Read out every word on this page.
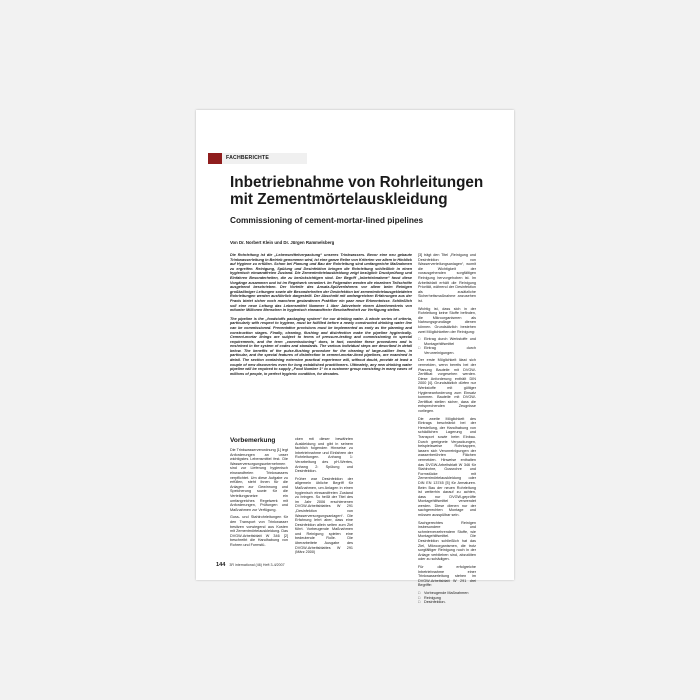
FACHBERICHTE
Inbetriebnahme von Rohrleitungen mit Zementmörtelauskleidung
Commissioning of cement-mortar-lined pipelines
Von Dr. Norbert Klein und Dr. Jürgen Rammelsberg

Die Rohrleitung ist die „Lebensmittelverpackung“ unseres Trinkwassers. Bevor eine neu gebaute Trinkwasserleitung in Betrieb genommen wird, ist eine ganze Reihe von Kriterien vor allem in Hinblick auf Hygiene zu erfüllen. Schon bei Planung und Bau der Rohrleitung sind umfangreiche Maßnahmen zu ergreifen. Reinigung, Spülung und Desinfektion bringen die Rohrleitung schließlich in einen hygienisch einwandfreien Zustand. Die Zementmörtelauskleidung zeigt bezüglich Druckprüfung und Einfahren Besonderheiten, die zu berücksichtigen sind. Der Begriff „Inbetriebnahme“ fasst diese Vorgänge zusammen und ist im Regelwerk verankert. Im Folgenden werden die einzelnen Teilschritte ausgehend beschrieben. Der Vorteile des Ansatz-Spülverfahrens vor allem beim Reinigen großkalibriger Leitungen sowie die Besonderheiten der Desinfektion bei zementmörtelausgekleideten Rohrleitungen werden ausführlich dargestellt. Der Abschnitt mit umfangreichen Erfahrungen aus der Praxis bietet sicher noch manchem gestandenen Praktiker ein paar neue Erkenntnisse. Schließlich soll eine neue Leitung das Lebensmittel Nummer 1 über Jahrzehnte einem Abnehmerkreis von mitunter Millionen Menschen in hygienisch einwandfreier Beschaffenheit zur Verfügung stellen.

The pipeline is the „foodstuffs packaging system“ for our drinking water. A whole series of criteria, particularly with respect to hygiene, must be fulfilled before a newly constructed drinking water line can be commissioned. Preventative provisions must be implemented as early as the planning and construction stages. Finally, cleaning, flushing and disinfection make the pipeline hygienically. Cement-mortar linings are subject to terms of pressure-testing and commissioning to special requirements, and the term „commissioning“ does, in fact, combine these procedures and is enshrined in the system of codes and standards. The various individual steps are described in detail below. The benefits of the pulse-flushing procedure for the cleaning of large-caliber lines, in particular, and the special features of disinfection in cement-mortar-lined pipelines, are examined in detail. The section containing extensive practical experience will, without doubt, provide at least a couple of new discoveries even for long established practitioners. Ultimately, any new drinking water pipeline will be required to supply „Food Number 1“ to a customer group consisting in many cases of millions of people, in perfect hygienic condition, for decades.

Vorbemerkung

Die Trinkwasserverordnung [1] legt Anforderungen an unser wichtigstes Lebensmittel fest. Die Wasserversorgungsunternehmen sind zur Lieferung hygienisch einwandfreien Trinkwassers verpflichtet. Um diese Aufgabe zu erfüllen, steht ihnen für die Anlagen zur Gewinnung und Speicherung sowie für die Verteilungsnetze ein umfangreiches Regelwerk mit Anforderungen, Prüfungen und Maßnahmen zur Verfügung.

Guss- und Stahlrohrleitungen für den Transport von Trinkwasser besitzen vorwiegend aus Kosten mit Zementmörtelauskleidung. Das DVGW-Arbeitsblatt W 346 [2] beschreibt die Handhabung von Rohren und Formstü-

cken mit dieser bewährten Auskleidung und gibt in seinem fachlich folgenden Hinweise zu Inbetriebnahme und Einfahren der Rohrleitungen. Anhang 1: Verarbeitung des pH-Wertes, Anhang 2: Spülung und Desinfektion.

Früher war Desinfektion der allgemein übliche Begriff für Maßnahmen, um Anlagen in einen hygienisch einwandfreien Zustand zu bringen. So heißt der Titel des im Jahr 2006 erschienenen DVGW-Arbeitsblattes W 291 „Desinfektion von Wasserversorgungsanlagen“. Die Erfahrung lehrt aber, dass eine Desinfektion allein selten zum Ziel führt. Vorbeugende Maßnahmen und Reinigung spielen eine bedeutende Rolle. Die überarbeitete Ausgabe des DVGW-Arbeitsblattes W 291 (März 2000)

[3] trägt den Titel „Reinigung und Desinfektion von Wasserverteilungsanlagen“, womit die Wichtigkeit der vorausgehenden sorgfältigen Reinigung hervorgehoben ist. Im Arbeitsblatt erhält die Reinigung Priorität, während der Desinfektion als zusätzliche Sicherheitsmaßnahme anzusehen ist.

Wichtig ist, dass sich in der Rohrleitung keine Stoffe befinden, die Mikroorganismen als Nahrungsgrundlage dienen können. Grundsätzlich bestehen zwei Möglichkeiten der Reinigung:

□ Eintrag durch Werkstoffe und Montagehilfsmittel
□ Eintrag durch Verunreinigungen.

Der erste Möglichkeit lässt sich vermeiden, wenn bereits bei der Planung Bauteile mit DVGW-Zertifikat vorgesehen werden. Diese Anforderung enthält DIN 2000 [4]. Grundsätzlich dürfen nur Werkstoffe mit gültiger Hygieneanforderung zum Einsatz kommen. Bauteile mit DVGW-Zertifikat stellen sicher, dass die entsprechenden Zeugnisse vorliegen.

Die zweite Möglichkeit des Eintrags beschränkt bei der Herstellung, der Handhabung von schädlichen Lagerung und Transport sowie beim Einbau. Durch geeignete Verpackungen, beispielsweise Rohrkappen, lassen sich Verunreinigungen der wasserberührten Flächen vermeiden. Hinweise enthalten das DVGW-Arbeitsblatt W 346 für Stahlrohre, Gussrohre und Formstücke mit Zementmörtelauskleidung oder DIN EN 13745 [5] für Armaturen. Beim Bau der neuen Rohrleitung ist weiterhin darauf zu achten, dass nur DVGW-geprüfte Montagehilfsmittel verwendet werden. Diese dienen nur der sachgerechten Montage und müssen ausspülbar sein.

Sachgerechtes Reinigen insbesondere und schmierverzehrendem Stoffe, wie Montagehilfsmittel. Die Desinfektion schließlich hat das Ziel, Mikroorganismen, die trotz sorgfältiger Reinigung noch in der Anlage verblieben sind, abzutöten oder zu schädigen.

Für die erfolgreiche Inbetriebnahme einer Trinkwasserleitung stehen im DVGW-Arbeitsblatt W 291 drei Begriffe:

□ Vorbeugende Maßnahmen
□ Reinigung
□ Desinfektion.
144 3R international (46) Heft 3-4/2007
